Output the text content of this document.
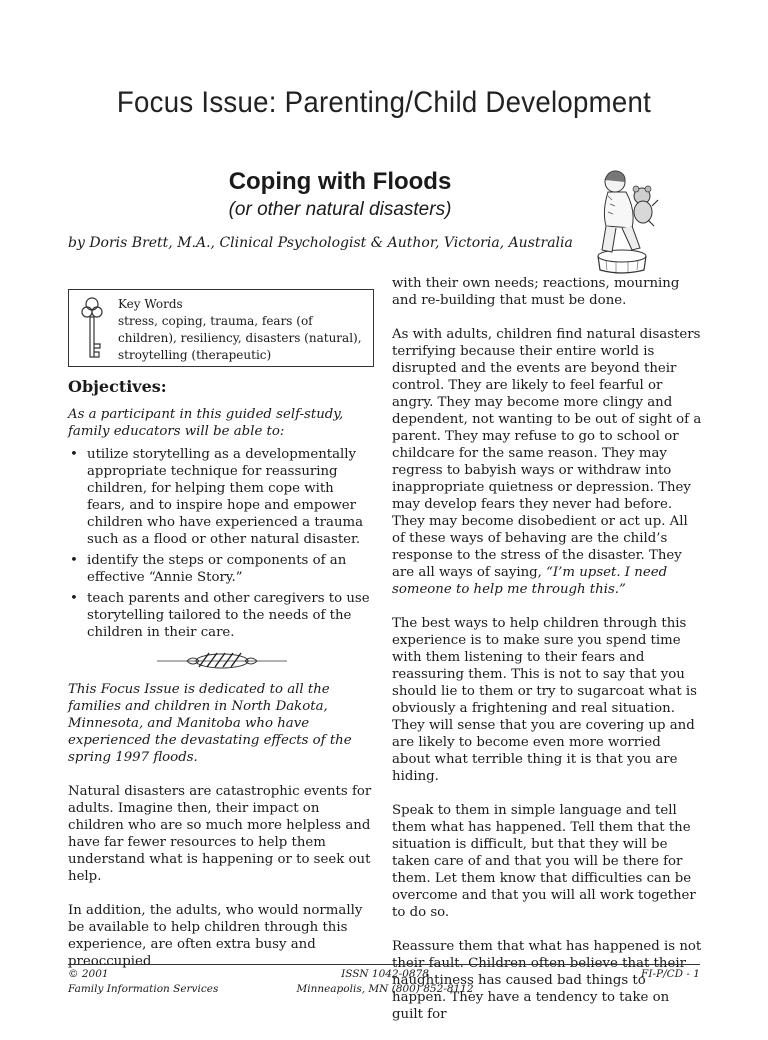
Focus Issue: Parenting/Child Development
Coping with Floods
(or other natural disasters)
by Doris Brett, M.A., Clinical Psychologist & Author, Victoria, Australia
Key Words
stress, coping, trauma, fears (of children), resiliency, disasters (natural), stroytelling (therapeutic)
Objectives:

As a participant in this guided self-study, family educators will be able to:

• utilize storytelling as a developmentally appropriate technique for reassuring children, for helping them cope with fears, and to inspire hope and empower children who have experienced a trauma such as a flood or other natural disaster.
• identify the steps or components of an effective “Annie Story.”
• teach parents and other caregivers to use storytelling tailored to the needs of the children in their care.

This Focus Issue is dedicated to all the families and children in North Dakota, Minnesota, and Manitoba who have experienced the devastating effects of the spring 1997 floods.

Natural disasters are catastrophic events for adults. Imagine then, their impact on children who are so much more helpless and have far fewer resources to help them understand what is happening or to seek out help.

In addition, the adults, who would normally be available to help children through this experience, are often extra busy and preoccupied

with their own needs; reactions, mourning and re-building that must be done.

As with adults, children find natural disasters terrifying because their entire world is disrupted and the events are beyond their control. They are likely to feel fearful or angry. They may become more clingy and dependent, not wanting to be out of sight of a parent. They may refuse to go to school or childcare for the same reason. They may regress to babyish ways or withdraw into inappropriate quietness or depression. They may develop fears they never had before. They may become disobedient or act up. All of these ways of behaving are the child’s response to the stress of the disaster. They are all ways of saying, “I’m upset. I need someone to help me through this.”

The best ways to help children through this experience is to make sure you spend time with them listening to their fears and reassuring them. This is not to say that you should lie to them or try to sugarcoat what is obviously a frightening and real situation. They will sense that you are covering up and are likely to become even more worried about what terrible thing it is that you are hiding.

Speak to them in simple language and tell them what has happened. Tell them that the situation is difficult, but that they will be taken care of and that you will be there for them. Let them know that difficulties can be overcome and that you will all work together to do so.

Reassure them that what has happened is not their fault. Children often believe that their naughtiness has caused bad things to happen. They have a tendency to take on guilt for

© 2001
Family Information Services
ISSN 1042-0878
Minneapolis, MN (800) 852-8112
FI-P/CD - 1
